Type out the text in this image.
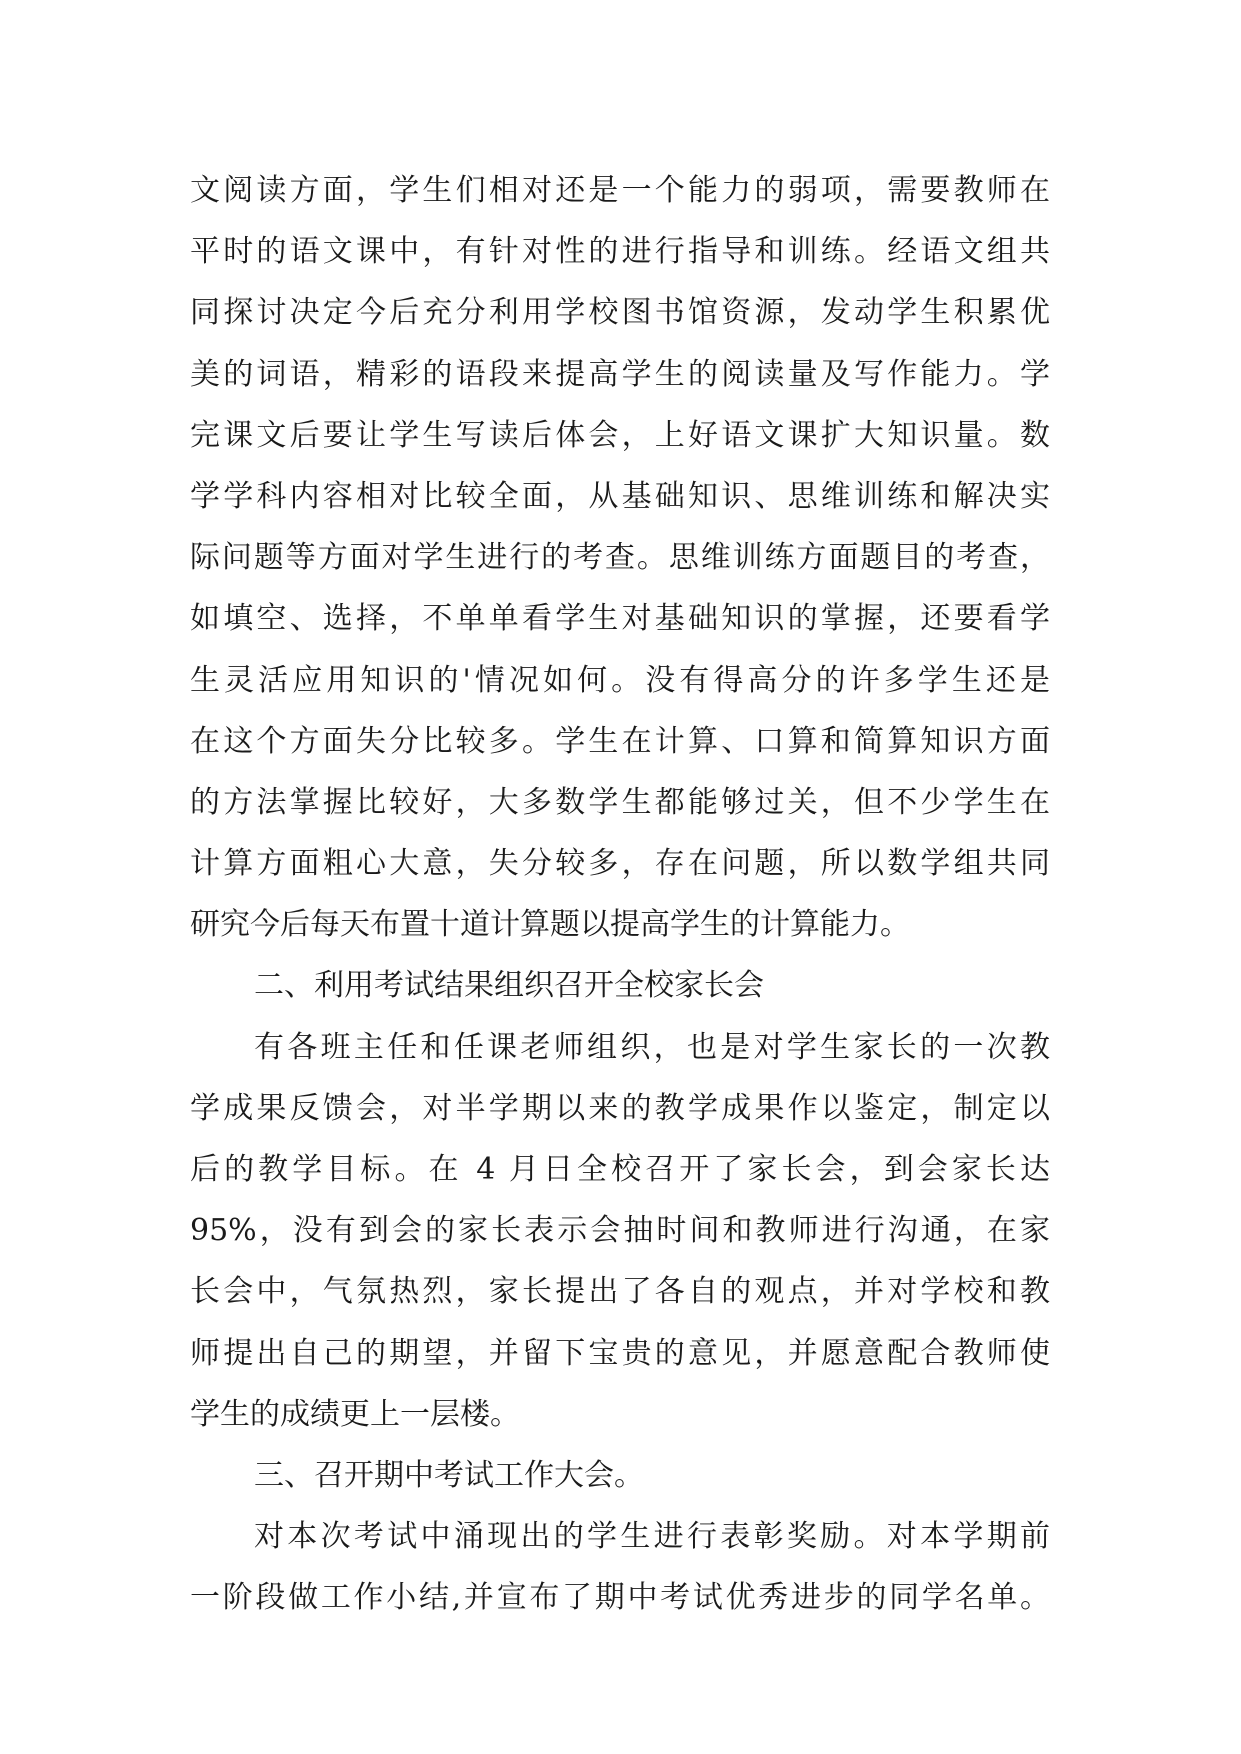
文阅读方面，学生们相对还是一个能力的弱项，需要教师在
平时的语文课中，有针对性的进行指导和训练。经语文组共
同探讨决定今后充分利用学校图书馆资源，发动学生积累优
美的词语，精彩的语段来提高学生的阅读量及写作能力。学
完课文后要让学生写读后体会，上好语文课扩大知识量。数
学学科内容相对比较全面，从基础知识、思维训练和解决实
际问题等方面对学生进行的考查。思维训练方面题目的考查，
如填空、选择，不单单看学生对基础知识的掌握，还要看学
生灵活应用知识的'情况如何。没有得高分的许多学生还是
在这个方面失分比较多。学生在计算、口算和简算知识方面
的方法掌握比较好，大多数学生都能够过关，但不少学生在
计算方面粗心大意，失分较多，存在问题，所以数学组共同
研究今后每天布置十道计算题以提高学生的计算能力。
二、利用考试结果组织召开全校家长会
有各班主任和任课老师组织，也是对学生家长的一次教
学成果反馈会，对半学期以来的教学成果作以鉴定，制定以
后的教学目标。在 4 月日全校召开了家长会，到会家长达
95%，没有到会的家长表示会抽时间和教师进行沟通，在家
长会中，气氛热烈，家长提出了各自的观点，并对学校和教
师提出自己的期望，并留下宝贵的意见，并愿意配合教师使
学生的成绩更上一层楼。
三、召开期中考试工作大会。
对本次考试中涌现出的学生进行表彰奖励。对本学期前
一阶段做工作小结,并宣布了期中考试优秀进步的同学名单。
